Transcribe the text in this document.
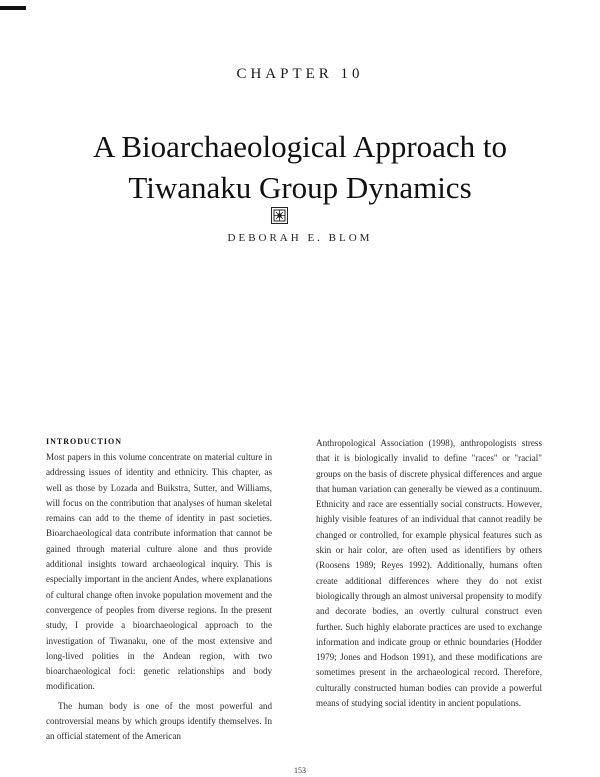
CHAPTER 10
A Bioarchaeological Approach to
Tiwanaku Group Dynamics
DEBORAH E. BLOM
INTRODUCTION

Most papers in this volume concentrate on material culture in addressing issues of identity and ethnicity. This chapter, as well as those by Lozada and Buikstra, Sutter, and Williams, will focus on the contribution that analyses of human skeletal remains can add to the theme of identity in past societies. Bioarchaeological data contribute information that cannot be gained through material culture alone and thus provide additional insights toward archaeological inquiry. This is especially important in the ancient Andes, where explanations of cultural change often invoke population movement and the convergence of peoples from diverse regions. In the present study, I provide a bioarchaeological approach to the investigation of Tiwanaku, one of the most extensive and long-lived polities in the Andean region, with two bioarchaeological foci: genetic relationships and body modification.

The human body is one of the most powerful and controversial means by which groups identify themselves. In an official statement of the American

Anthropological Association (1998), anthropologists stress that it is biologically invalid to define "races" or "racial" groups on the basis of discrete physical differences and argue that human variation can generally be viewed as a continuum. Ethnicity and race are essentially social constructs. However, highly visible features of an individual that cannot readily be changed or controlled, for example physical features such as skin or hair color, are often used as identifiers by others (Roosens 1989; Reyes 1992). Additionally, humans often create additional differences where they do not exist biologically through an almost universal propensity to modify and decorate bodies, an overtly cultural construct even further. Such highly elaborate practices are used to exchange information and indicate group or ethnic boundaries (Hodder 1979; Jones and Hodson 1991), and these modifications are sometimes present in the archaeological record. Therefore, culturally constructed human bodies can provide a powerful means of studying social identity in ancient populations.

153
